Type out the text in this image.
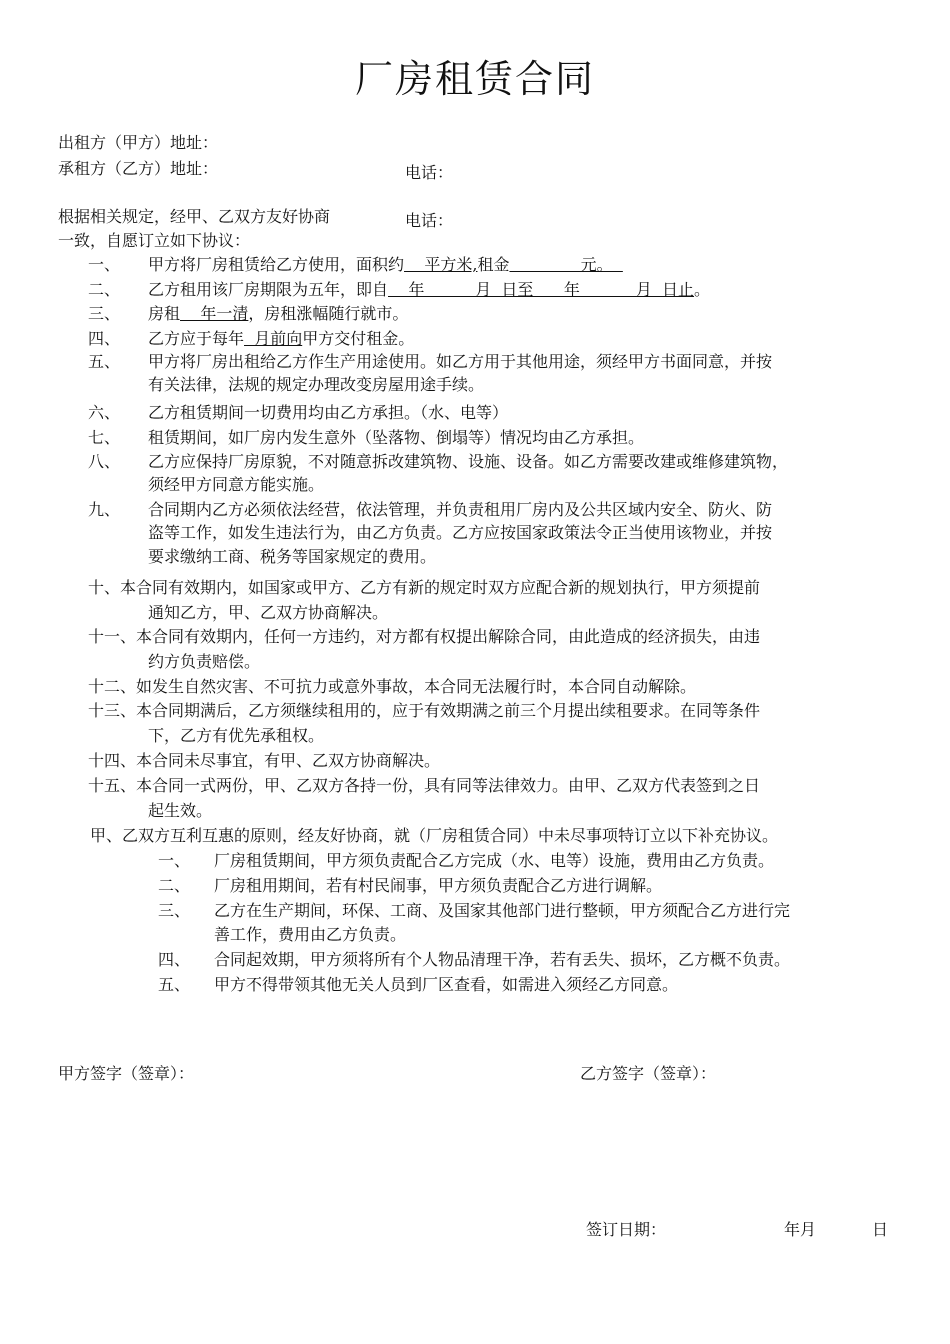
厂房租赁合同
出租方（甲方）地址：
承租方（乙方）地址：	电话：
根据相关规定，经甲、乙双方友好协商	电话：
一致，自愿订立如下协议：
一、 甲方将厂房租赁给乙方使用，面积约    平方米,租金              元。
二、 乙方租用该厂房期限为五年，即自    年          月  日至      年           月  日止。
三、 房租    年一清，房租涨幅随行就市。
四、 乙方应于每年  月前向甲方交付租金。
五、 甲方将厂房出租给乙方作生产用途使用。如乙方用于其他用途，须经甲方书面同意，并按
有关法律，法规的规定办理改变房屋用途手续。
六、 乙方租赁期间一切费用均由乙方承担。（水、电等）
七、 租赁期间，如厂房内发生意外（坠落物、倒塌等）情况均由乙方承担。
八、 乙方应保持厂房原貌，不对随意拆改建筑物、设施、设备。如乙方需要改建或维修建筑物，
须经甲方同意方能实施。
九、 合同期内乙方必须依法经营，依法管理，并负责租用厂房内及公共区域内安全、防火、防
盗等工作，如发生违法行为，由乙方负责。乙方应按国家政策法令正当使用该物业，并按
要求缴纳工商、税务等国家规定的费用。
十、本合同有效期内，如国家或甲方、乙方有新的规定时双方应配合新的规划执行，甲方须提前
通知乙方，甲、乙双方协商解决。
十一、本合同有效期内，任何一方违约，对方都有权提出解除合同，由此造成的经济损失，由违
约方负责赔偿。
十二、如发生自然灾害、不可抗力或意外事故，本合同无法履行时，本合同自动解除。
十三、本合同期满后，乙方须继续租用的，应于有效期满之前三个月提出续租要求。在同等条件
下，乙方有优先承租权。
十四、本合同未尽事宜，有甲、乙双方协商解决。
十五、本合同一式两份，甲、乙双方各持一份，具有同等法律效力。由甲、乙双方代表签到之日
起生效。
甲、乙双方互利互惠的原则，经友好协商，就（厂房租赁合同）中未尽事项特订立以下补充协议。
一、 厂房租赁期间，甲方须负责配合乙方完成（水、电等）设施，费用由乙方负责。
二、 厂房租用期间，若有村民闹事，甲方须负责配合乙方进行调解。
三、 乙方在生产期间，环保、工商、及国家其他部门进行整顿，甲方须配合乙方进行完
善工作，费用由乙方负责。
四、 合同起效期，甲方须将所有个人物品清理干净，若有丢失、损坏，乙方概不负责。
五、 甲方不得带领其他无关人员到厂区查看，如需进入须经乙方同意。
甲方签字（签章）：	乙方签字（签章）：
签订日期：	年月	日
